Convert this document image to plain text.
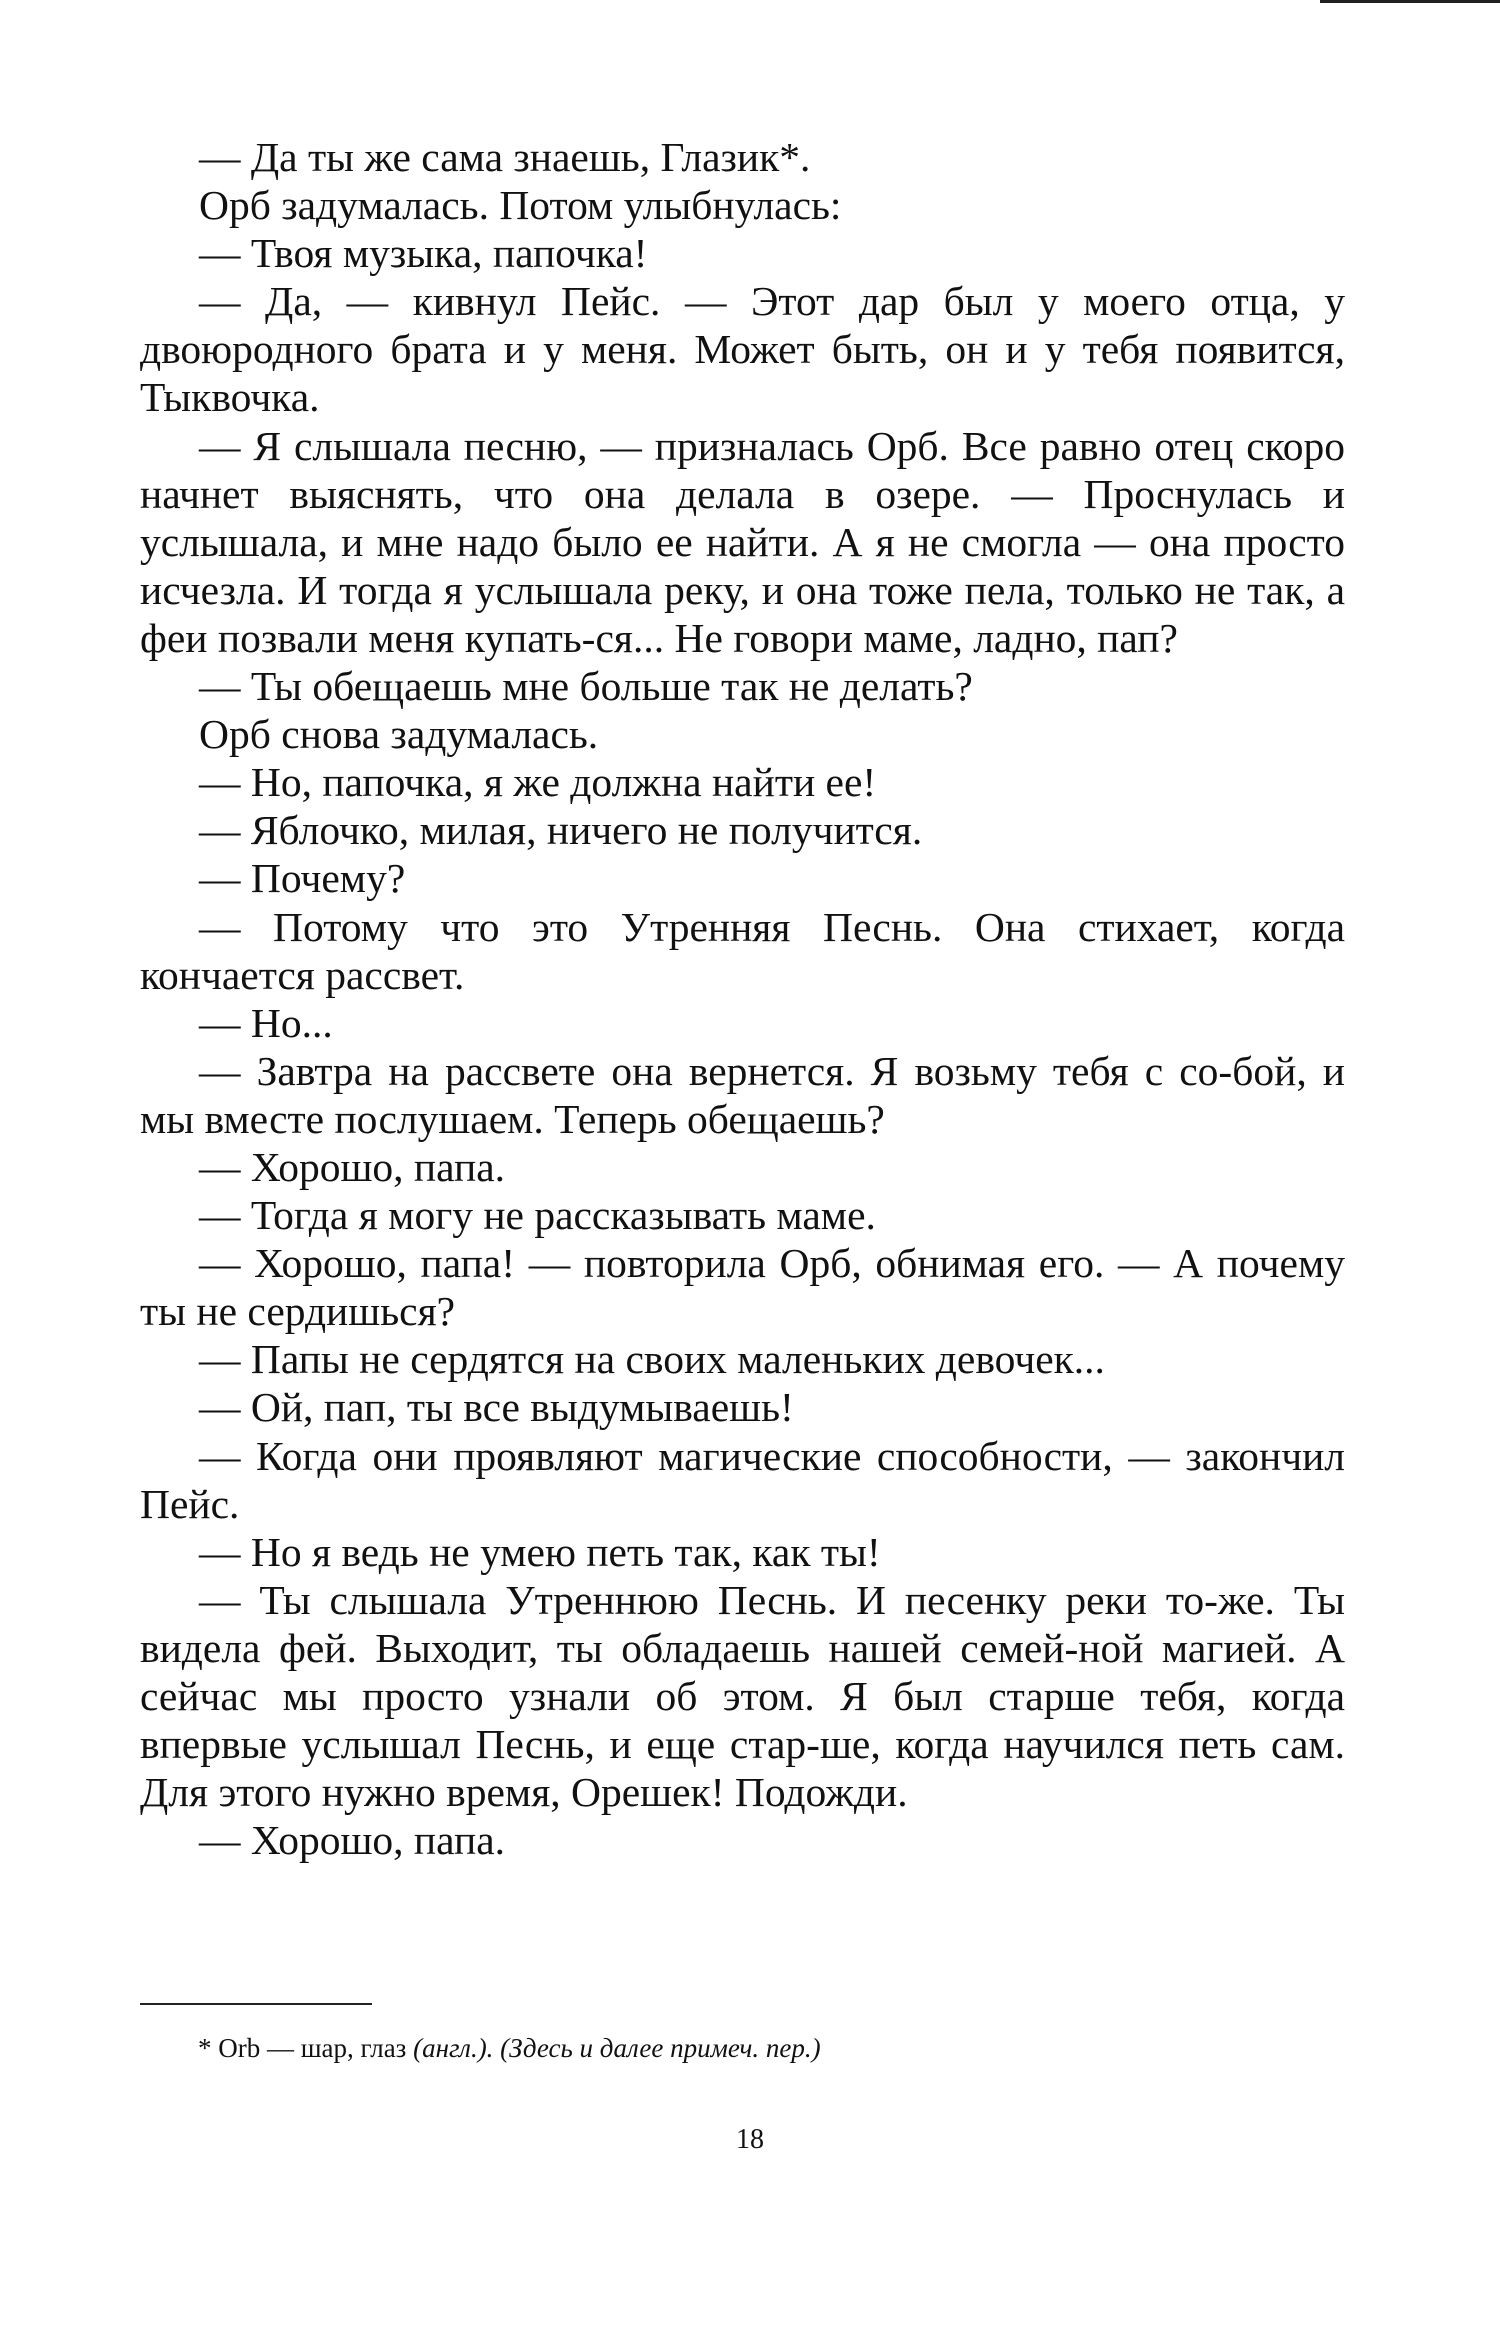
— Да ты же сама знаешь, Глазик*.

Орб задумалась. Потом улыбнулась:

— Твоя музыка, папочка!

— Да, — кивнул Пейс. — Этот дар был у моего отца, у двоюродного брата и у меня. Может быть, он и у тебя появится, Тыквочка.

— Я слышала песню, — призналась Орб. Все равно отец скоро начнет выяснять, что она делала в озере. — Проснулась и услышала, и мне надо было ее найти. А я не смогла — она просто исчезла. И тогда я услышала реку, и она тоже пела, только не так, а феи позвали меня купать-ся... Не говори маме, ладно, пап?

— Ты обещаешь мне больше так не делать?

Орб снова задумалась.

— Но, папочка, я же должна найти ее!

— Яблочко, милая, ничего не получится.

— Почему?

— Потому что это Утренняя Песнь. Она стихает, когда кончается рассвет.

— Но...

— Завтра на рассвете она вернется. Я возьму тебя с со-бой, и мы вместе послушаем. Теперь обещаешь?

— Хорошо, папа.

— Тогда я могу не рассказывать маме.

— Хорошо, папа! — повторила Орб, обнимая его. — А почему ты не сердишься?

— Папы не сердятся на своих маленьких девочек...

— Ой, пап, ты все выдумываешь!

— Когда они проявляют магические способности, — закончил Пейс.

— Но я ведь не умею петь так, как ты!

— Ты слышала Утреннюю Песнь. И песенку реки то-же. Ты видела фей. Выходит, ты обладаешь нашей семей-ной магией. А сейчас мы просто узнали об этом. Я был старше тебя, когда впервые услышал Песнь, и еще стар-ше, когда научился петь сам. Для этого нужно время, Орешек! Подожди.

— Хорошо, папа.

* Orb — шар, глаз (англ.). (Здесь и далее примеч. пер.)
18
